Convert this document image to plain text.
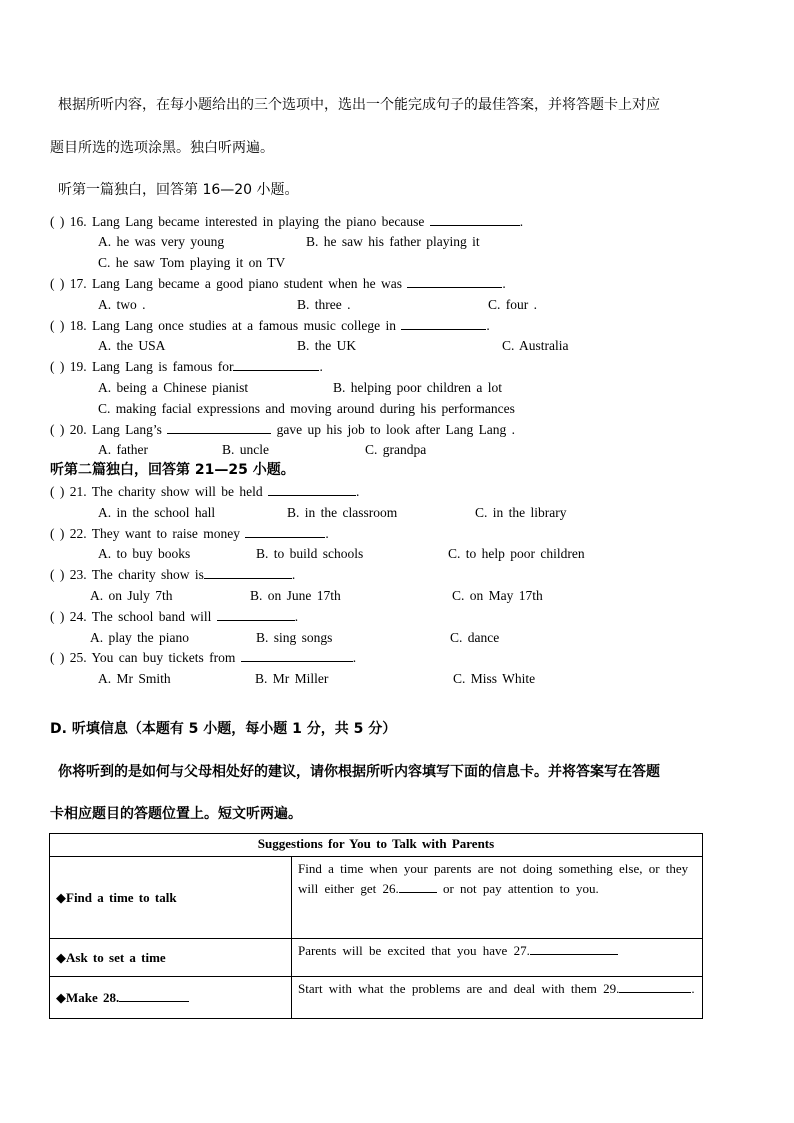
根据所听内容，在每小题给出的三个选项中，选出一个能完成句子的最佳答案，并将答题卡上对应
题目所选的选项涂黑。独白听两遍。
听第一篇独白，回答第 16—20 小题。
( ) 16. Lang Lang became interested in playing the piano because	.
A. he was very young	B. he saw his father playing it
C. he saw Tom playing it on TV
( ) 17. Lang Lang became a good piano student when he was	.
A. two .	B. three .	C. four .
( ) 18. Lang Lang once studies at a famous music college in	.
A. the USA	B. the UK	C. Australia
( ) 19. Lang Lang is famous for	.
A. being a Chinese pianist	B. helping poor children a lot
C. making facial expressions and moving around during his performances
( ) 20. Lang Lang’s	gave up his job to look after Lang Lang .
A. father	B. uncle	C. grandpa
听第二篇独白，回答第 21—25 小题。
( ) 21. The charity show will be held	.
A. in the school hall	B. in the classroom	C. in the library
( ) 22. They want to raise money	.
A. to buy books	B. to build schools	C. to help poor children
( ) 23. The charity show is	.
A. on July 7th	B. on June 17th	C. on May 17th
( ) 24. The school band will	.
A. play the piano	B. sing songs	C. dance
( ) 25. You can buy tickets from	.
A. Mr Smith	B. Mr Miller	C. Miss White
D. 听填信息（本题有 5 小题，每小题 1 分，共 5 分）
你将听到的是如何与父母相处好的建议，请你根据所听内容填写下面的信息卡。并将答案写在答题
卡相应题目的答题位置上。短文听两遍。
Suggestions for You to Talk with Parents	
◆Find a time to talk	Find a time when your parents are not doing something else, or they will either get 26. or not pay attention to you.
◆Ask to set a time	Parents will be excited that you have 27.
◆Make 28.	Start with what the problems are and deal with them 29. .
